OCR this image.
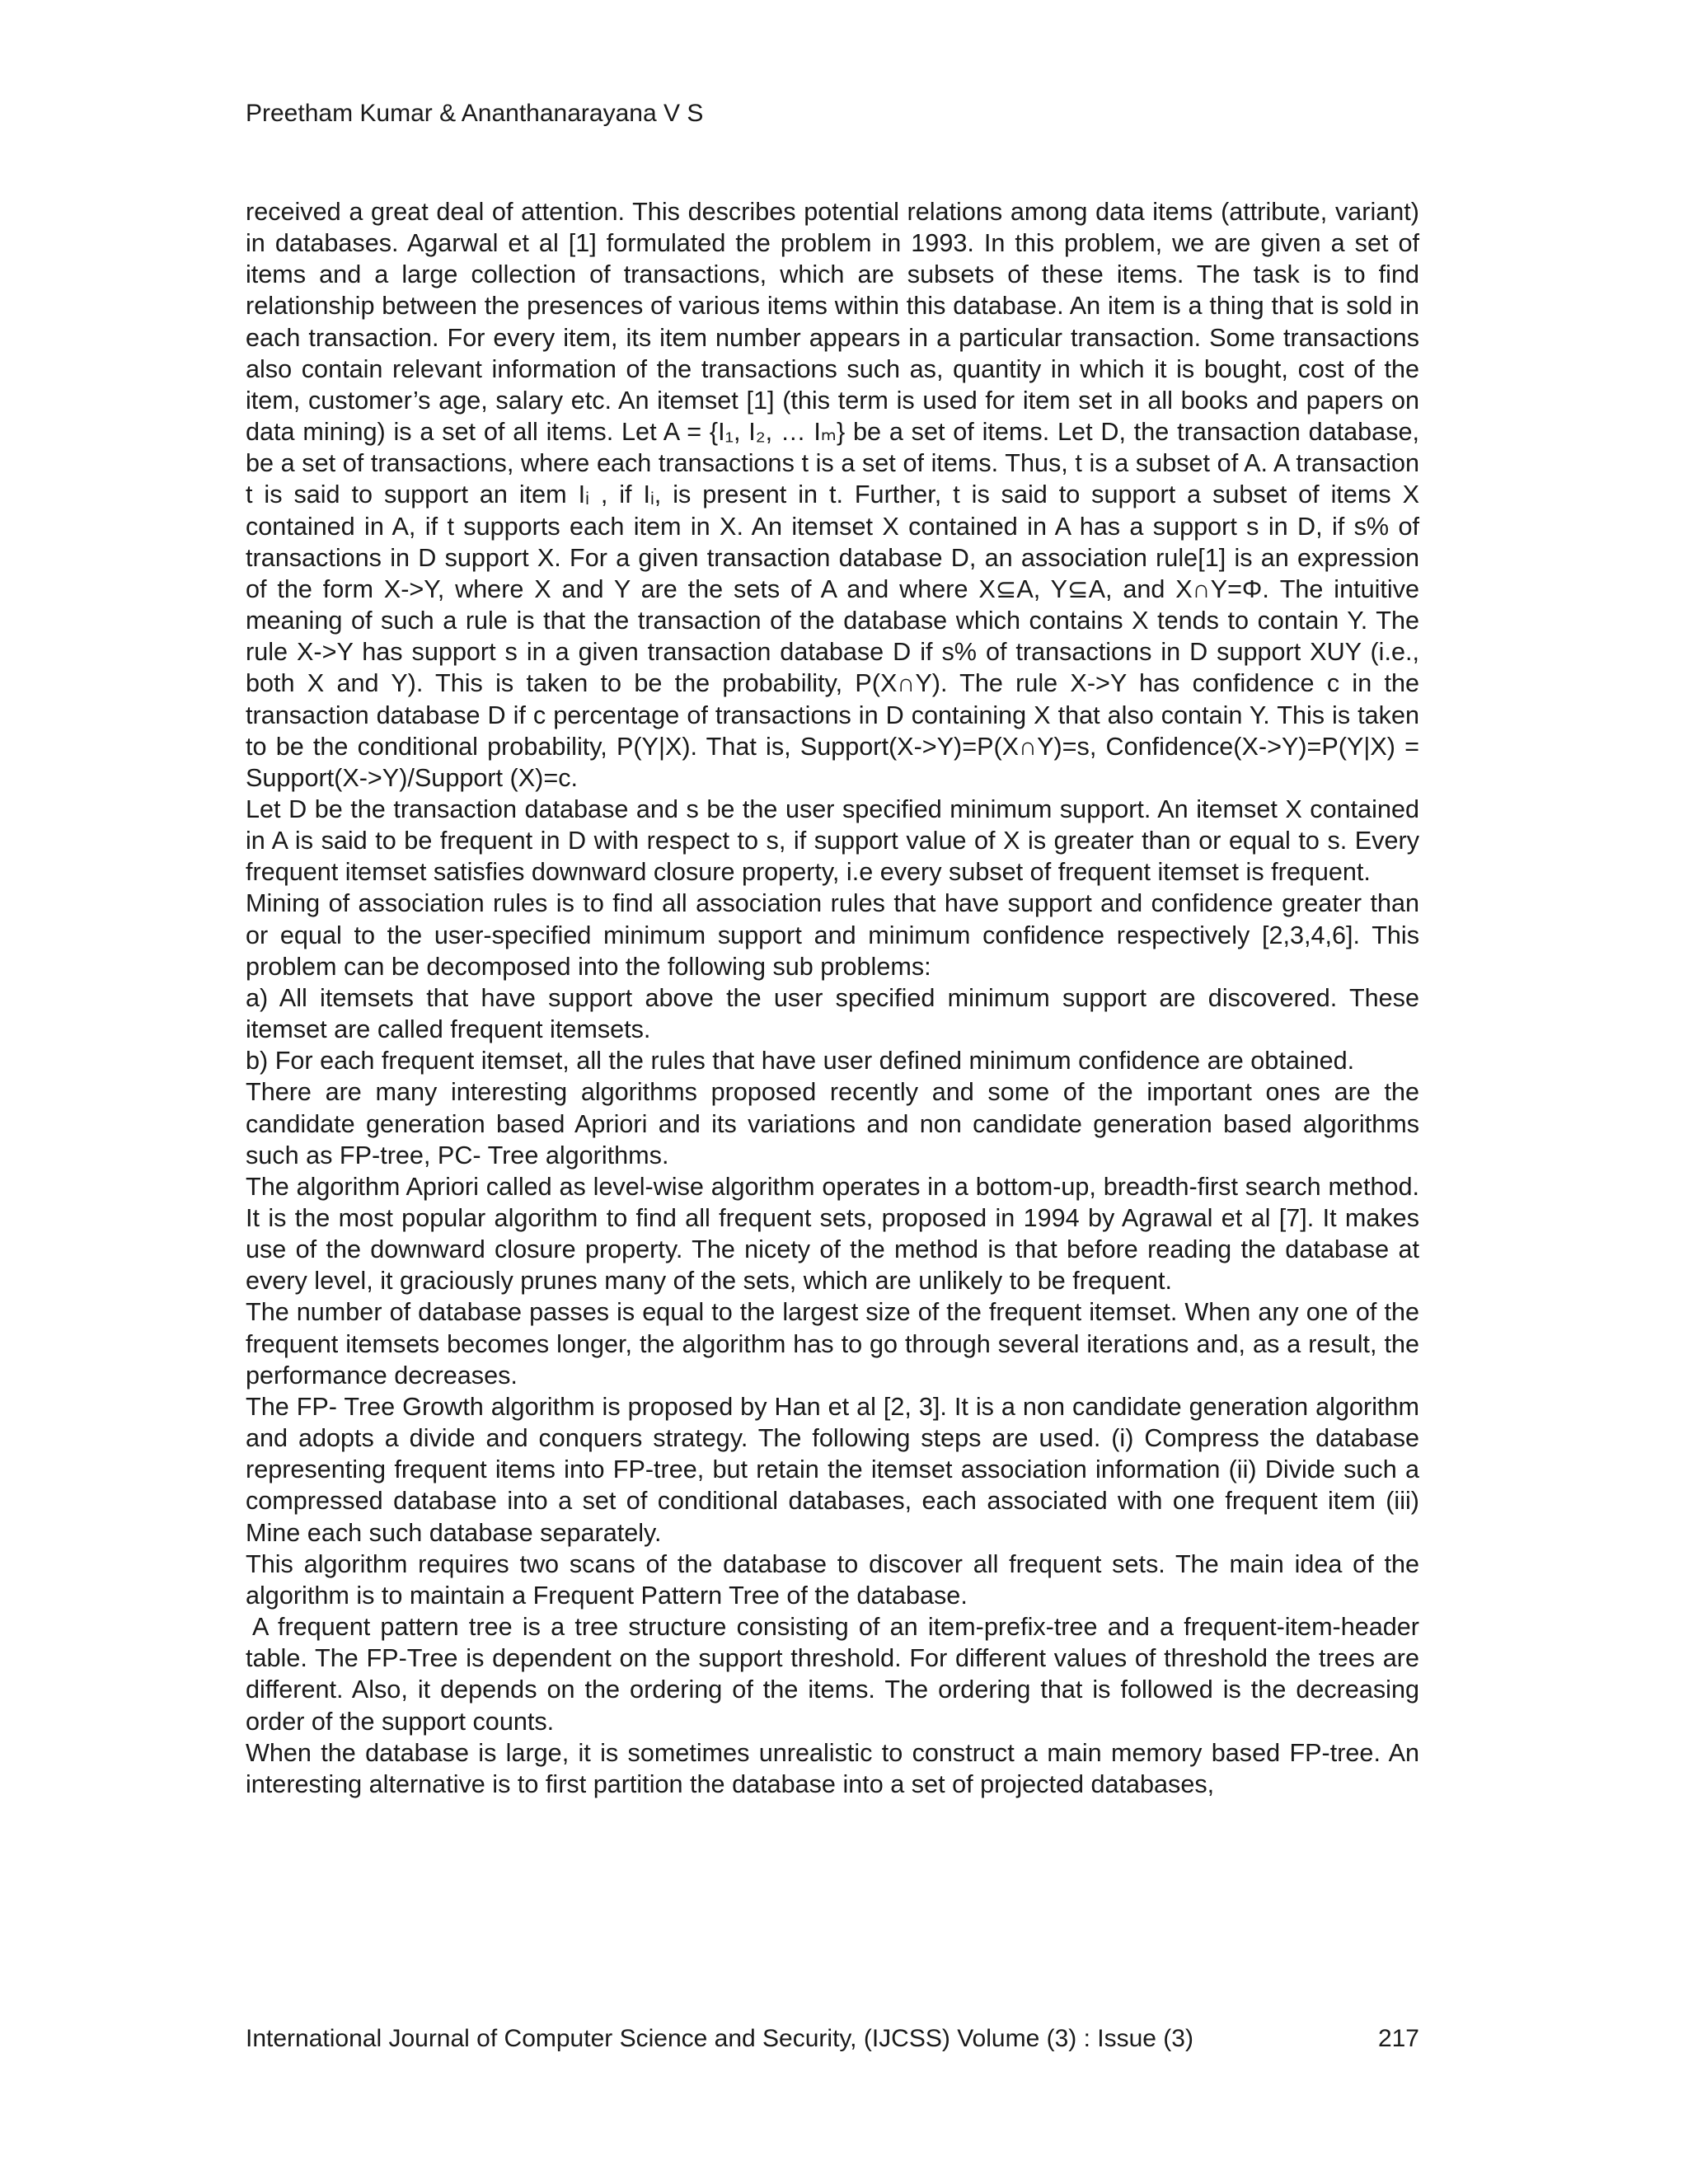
Preetham Kumar & Ananthanarayana V S

received a great deal of attention. This describes potential relations among data items (attribute, variant) in databases. Agarwal et al [1] formulated the problem in 1993. In this problem, we are given a set of items and a large collection of transactions, which are subsets of these items. The task is to find relationship between the presences of various items within this database. An item is a thing that is sold in each transaction. For every item, its item number appears in a particular transaction. Some transactions also contain relevant information of the transactions such as, quantity in which it is bought, cost of the item, customer’s age, salary etc. An itemset [1] (this term is used for item set in all books and papers on data mining) is a set of all items. Let A = {I₁, I₂, … Iₘ} be a set of items. Let D, the transaction database, be a set of transactions, where each transactions t is a set of items. Thus, t is a subset of A. A transaction t is said to support an item Iᵢ , if Iᵢ, is present in t. Further, t is said to support a subset of items X contained in A, if t supports each item in X. An itemset X contained in A has a support s in D, if s% of transactions in D support X. For a given transaction database D, an association rule[1] is an expression of the form X->Y, where X and Y are the sets of A and where X⊆A, Y⊆A, and X∩Y=Φ. The intuitive meaning of such a rule is that the transaction of the database which contains X tends to contain Y. The rule X->Y has support s in a given transaction database D if s% of transactions in D support XUY (i.e., both X and Y). This is taken to be the probability, P(X∩Y). The rule X->Y has confidence c in the transaction database D if c percentage of transactions in D containing X that also contain Y. This is taken to be the conditional probability, P(Y|X). That is, Support(X->Y)=P(X∩Y)=s, Confidence(X->Y)=P(Y|X) = Support(X->Y)/Support (X)=c.

Let D be the transaction database and s be the user specified minimum support. An itemset X contained in A is said to be frequent in D with respect to s, if support value of X is greater than or equal to s. Every frequent itemset satisfies downward closure property, i.e every subset of frequent itemset is frequent.

Mining of association rules is to find all association rules that have support and confidence greater than or equal to the user-specified minimum support and minimum confidence respectively [2,3,4,6]. This problem can be decomposed into the following sub problems:

a) All itemsets that have support above the user specified minimum support are discovered. These itemset are called frequent itemsets.

b) For each frequent itemset, all the rules that have user defined minimum confidence are obtained.

There are many interesting algorithms proposed recently and some of the important ones are the candidate generation based Apriori and its variations and non candidate generation based algorithms such as FP-tree, PC- Tree algorithms.

The algorithm Apriori called as level-wise algorithm operates in a bottom-up, breadth-first search method. It is the most popular algorithm to find all frequent sets, proposed in 1994 by Agrawal et al [7]. It makes use of the downward closure property. The nicety of the method is that before reading the database at every level, it graciously prunes many of the sets, which are unlikely to be frequent.

The number of database passes is equal to the largest size of the frequent itemset. When any one of the frequent itemsets becomes longer, the algorithm has to go through several iterations and, as a result, the performance decreases.

The FP- Tree Growth algorithm is proposed by Han et al [2, 3]. It is a non candidate generation algorithm and adopts a divide and conquers strategy. The following steps are used. (i) Compress the database representing frequent items into FP-tree, but retain the itemset association information (ii) Divide such a compressed database into a set of conditional databases, each associated with one frequent item (iii) Mine each such database separately.

This algorithm requires two scans of the database to discover all frequent sets. The main idea of the algorithm is to maintain a Frequent Pattern Tree of the database.

A frequent pattern tree is a tree structure consisting of an item-prefix-tree and a frequent-item-header table. The FP-Tree is dependent on the support threshold. For different values of threshold the trees are different. Also, it depends on the ordering of the items. The ordering that is followed is the decreasing order of the support counts.

When the database is large, it is sometimes unrealistic to construct a main memory based FP-tree. An interesting alternative is to first partition the database into a set of projected databases,

International Journal of Computer Science and Security, (IJCSS) Volume (3) : Issue (3)	217
